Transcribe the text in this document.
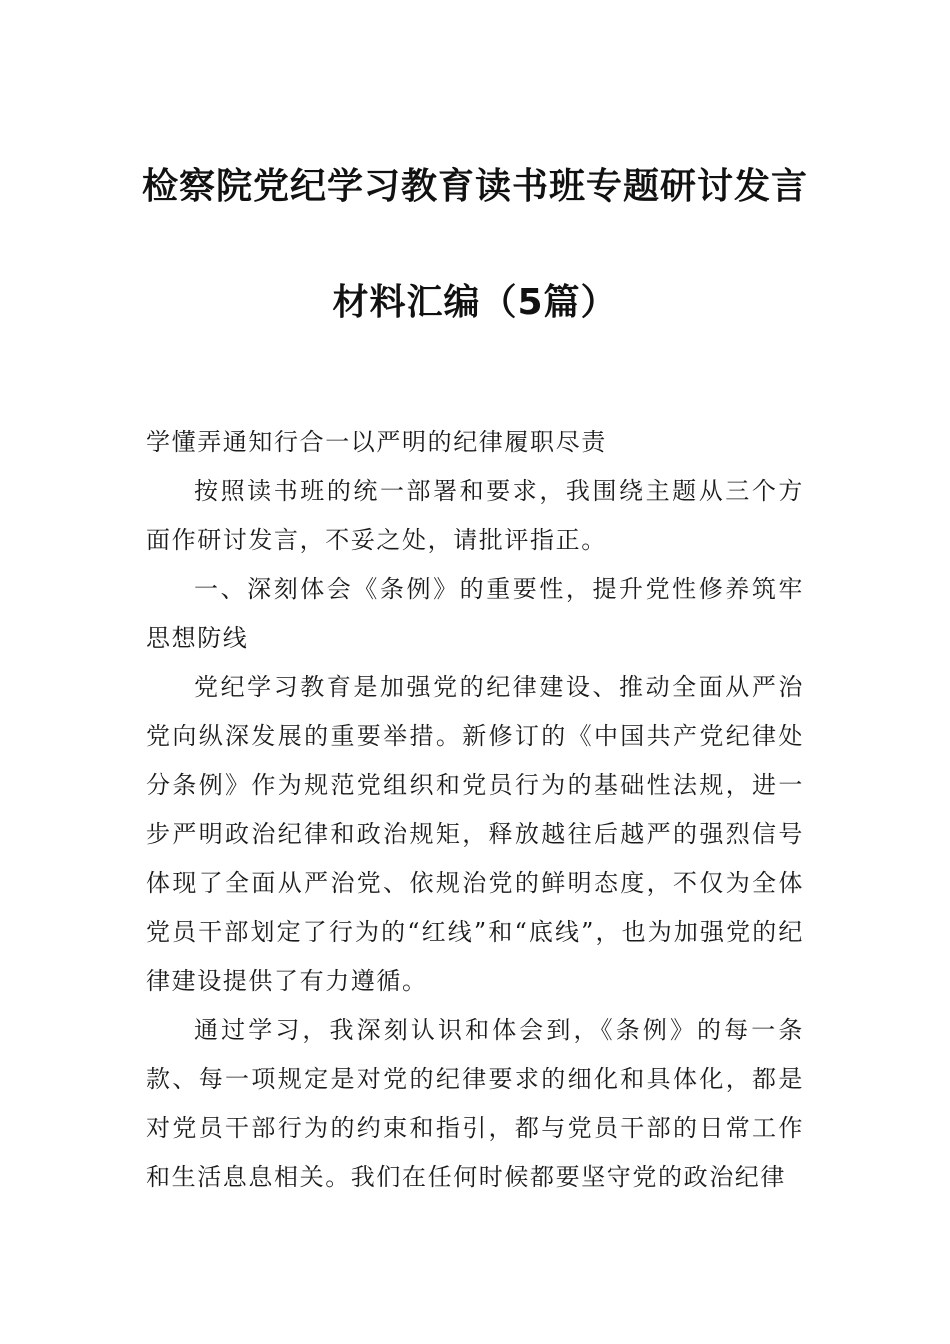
检察院党纪学习教育读书班专题研讨发言
材料汇编（5篇）

学懂弄通知行合一以严明的纪律履职尽责

按照读书班的统一部署和要求，我围绕主题从三个方面作研讨发言，不妥之处，请批评指正。

一、深刻体会《条例》的重要性，提升党性修养筑牢思想防线

党纪学习教育是加强党的纪律建设、推动全面从严治党向纵深发展的重要举措。新修订的《中国共产党纪律处分条例》作为规范党组织和党员行为的基础性法规，进一步严明政治纪律和政治规矩，释放越往后越严的强烈信号体现了全面从严治党、依规治党的鲜明态度，不仅为全体党员干部划定了行为的“红线”和“底线”，也为加强党的纪律建设提供了有力遵循。

通过学习，我深刻认识和体会到，《条例》的每一条款、每一项规定是对党的纪律要求的细化和具体化，都是对党员干部行为的约束和指引，都与党员干部的日常工作和生活息息相关。我们在任何时候都要坚守党的政治纪律
